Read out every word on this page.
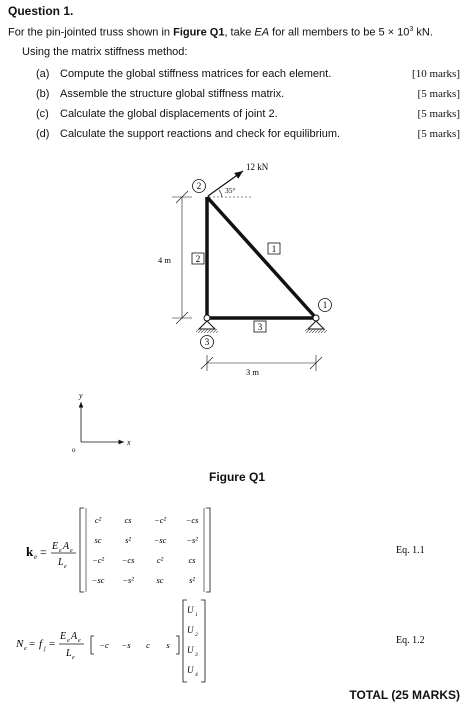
Question 1.
For the pin-jointed truss shown in Figure Q1, take EA for all members to be $5 \times 10^3$ kN.
Using the matrix stiffness method:
(a) Compute the global stiffness matrices for each element.	[10 marks]
(b) Assemble the structure global stiffness matrix.	[5 marks]
(c) Calculate the global displacements of joint 2.	[5 marks]
(d) Calculate the support reactions and check for equilibrium.	[5 marks]
2
1
3
1
2
3
12 kN
35°
4 m
3 m
y
x
o
Figure Q1
k e = E e A e
L e
c²	cs	−c² −cs
sc	s²	−sc −s²
−c² −cs	c²	cs
−sc −s²	sc	s²
Eq. 1.1
N e = f j =
E e A e
L e
−c −s c s
U 1
U 2
U 3
U 4
Eq. 1.2
TOTAL (25 MARKS)
